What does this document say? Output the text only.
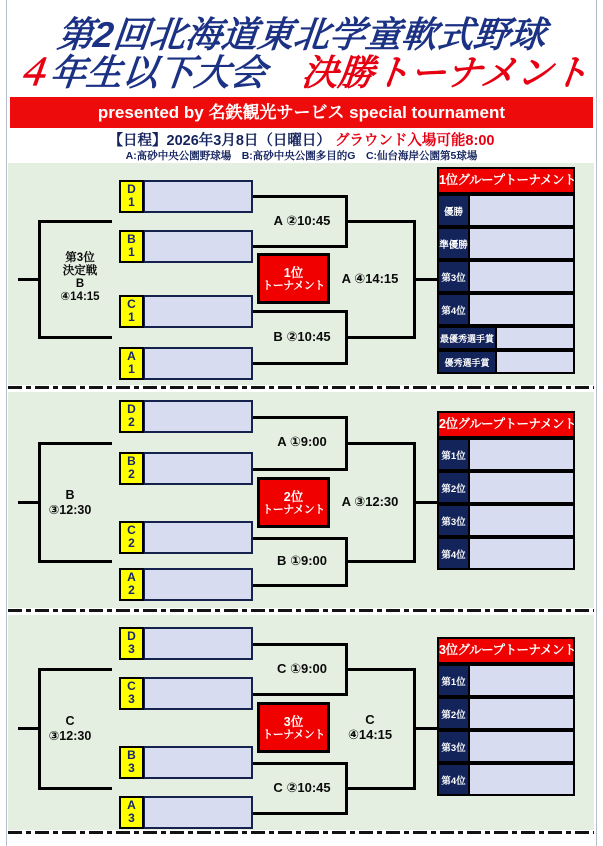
第2回北海道東北学童軟式野球
４年生以下大会　決勝トーナメント
presented by 名鉄観光サービス special tournament
【日程】2026年3月8日（日曜日） グラウンド入場可能8:00
A:髙砂中央公園野球場　B:髙砂中央公園多目的G　C:仙台海岸公園第5球場
D
1
B
1
C
1
A
1
A ②10:45
B ②10:45
A ④14:15
第3位
決定戦
B
④14:15
1位
トーナメント
1位グループトーナメント
優勝
準優勝
第3位
第4位
最優秀選手賞
優秀選手賞
D
2
B
2
C
2
A
2
A ①9:00
B ①9:00
A ③12:30
B
③12:30
2位
トーナメント
2位グループトーナメント
第1位
第2位
第3位
第4位
D
3
C
3
B
3
A
3
C ①9:00
C ②10:45
C
④14:15
C
③12:30
3位
トーナメント
3位グループトーナメント
第1位
第2位
第3位
第4位
